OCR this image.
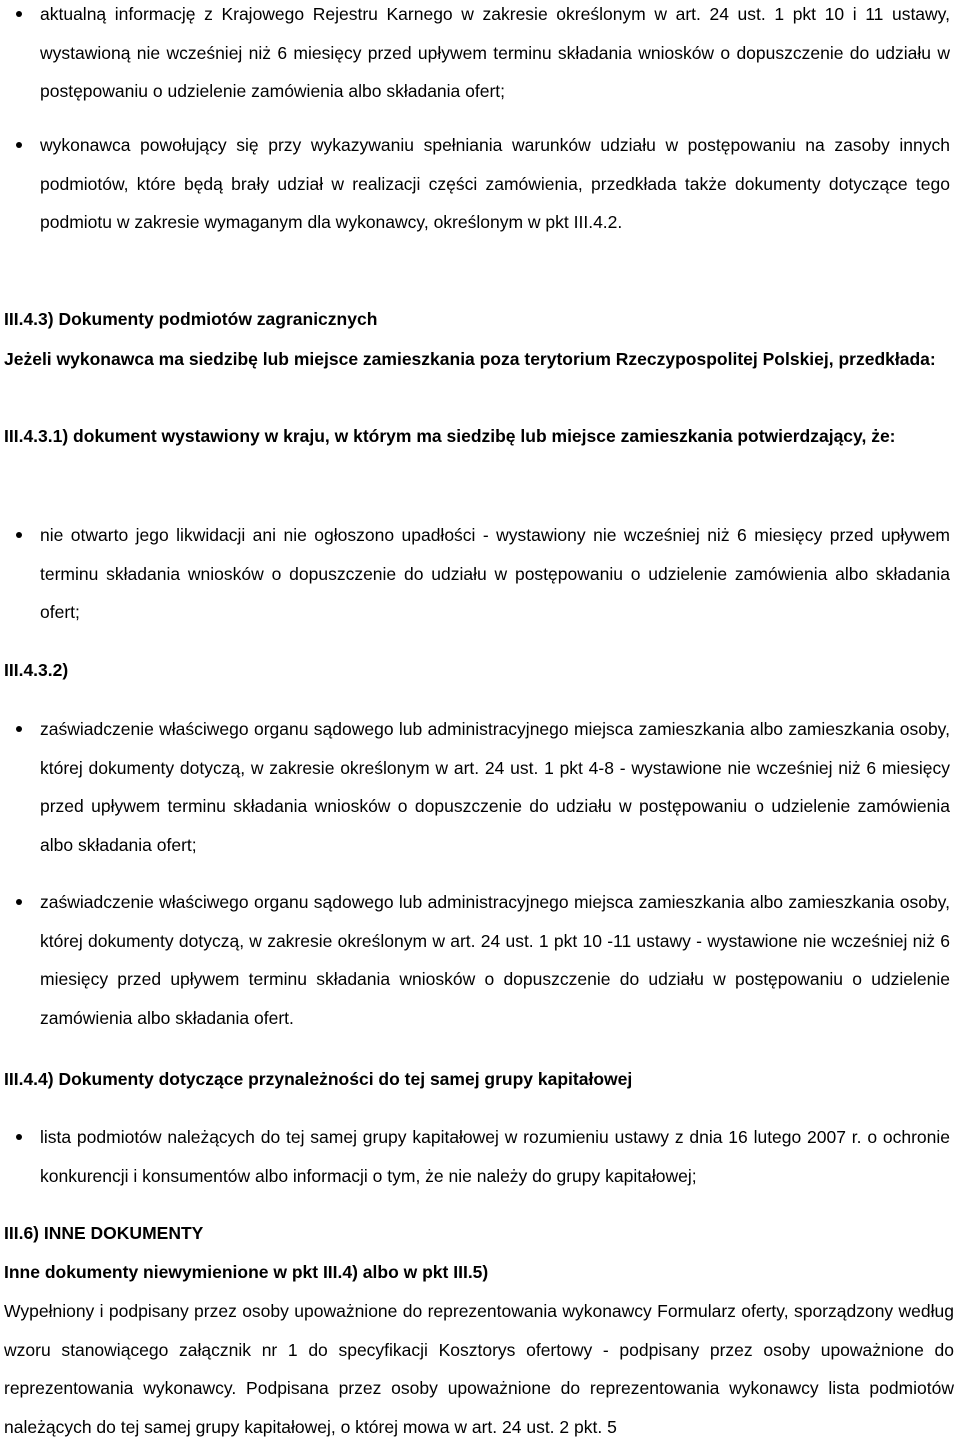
aktualną informację z Krajowego Rejestru Karnego w zakresie określonym w art. 24 ust. 1 pkt 10 i 11 ustawy, wystawioną nie wcześniej niż 6 miesięcy przed upływem terminu składania wniosków o dopuszczenie do udziału w postępowaniu o udzielenie zamówienia albo składania ofert;
wykonawca powołujący się przy wykazywaniu spełniania warunków udziału w postępowaniu na zasoby innych podmiotów, które będą brały udział w realizacji części zamówienia, przedkłada także dokumenty dotyczące tego podmiotu w zakresie wymaganym dla wykonawcy, określonym w pkt III.4.2.
III.4.3) Dokumenty podmiotów zagranicznych
Jeżeli wykonawca ma siedzibę lub miejsce zamieszkania poza terytorium Rzeczypospolitej Polskiej, przedkłada:
III.4.3.1) dokument wystawiony w kraju, w którym ma siedzibę lub miejsce zamieszkania potwierdzający, że:
nie otwarto jego likwidacji ani nie ogłoszono upadłości - wystawiony nie wcześniej niż 6 miesięcy przed upływem terminu składania wniosków o dopuszczenie do udziału w postępowaniu o udzielenie zamówienia albo składania ofert;
III.4.3.2)
zaświadczenie właściwego organu sądowego lub administracyjnego miejsca zamieszkania albo zamieszkania osoby, której dokumenty dotyczą, w zakresie określonym w art. 24 ust. 1 pkt 4-8 - wystawione nie wcześniej niż 6 miesięcy przed upływem terminu składania wniosków o dopuszczenie do udziału w postępowaniu o udzielenie zamówienia albo składania ofert;
zaświadczenie właściwego organu sądowego lub administracyjnego miejsca zamieszkania albo zamieszkania osoby, której dokumenty dotyczą, w zakresie określonym w art. 24 ust. 1 pkt 10 -11 ustawy - wystawione nie wcześniej niż 6 miesięcy przed upływem terminu składania wniosków o dopuszczenie do udziału w postępowaniu o udzielenie zamówienia albo składania ofert.
III.4.4) Dokumenty dotyczące przynależności do tej samej grupy kapitałowej
lista podmiotów należących do tej samej grupy kapitałowej w rozumieniu ustawy z dnia 16 lutego 2007 r. o ochronie konkurencji i konsumentów albo informacji o tym, że nie należy do grupy kapitałowej;
III.6) INNE DOKUMENTY
Inne dokumenty niewymienione w pkt III.4) albo w pkt III.5)
Wypełniony i podpisany przez osoby upoważnione do reprezentowania wykonawcy Formularz oferty, sporządzony według wzoru stanowiącego załącznik nr 1 do specyfikacji Kosztorys ofertowy - podpisany przez osoby upoważnione do reprezentowania wykonawcy. Podpisana przez osoby upoważnione do reprezentowania wykonawcy lista podmiotów należących do tej samej grupy kapitałowej, o której mowa w art. 24 ust. 2 pkt. 5
